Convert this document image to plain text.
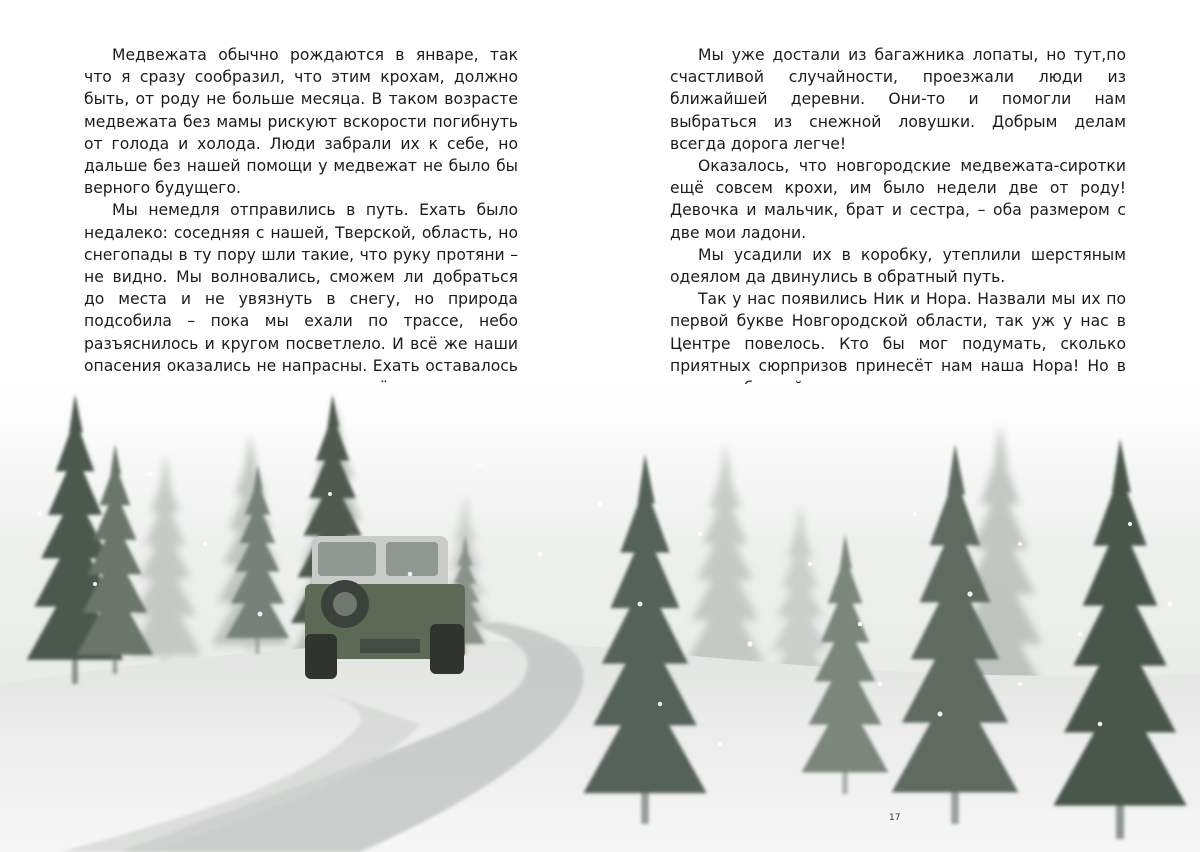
Медвежата обычно рождаются в январе, так что я сразу сообразил, что этим крохам, должно быть, от роду не больше месяца. В таком возрасте медвежата без мамы рискуют вскорости погибнуть от голода и холода. Люди забрали их к себе, но дальше без нашей помощи у медвежат не было бы верного будущего.

Мы немедля отправились в путь. Ехать было недалеко: соседняя с нашей, Тверской, область, но снегопады в ту пору шли такие, что руку протяни – не видно. Мы волновались, сможем ли добраться до места и не увязнуть в снегу, но природа подсобила – пока мы ехали по трассе, небо разъяснилось и кругом посветлело. И всё же наши опасения оказались не напрасны. Ехать оставалось

Мы уже достали из багажника лопаты, но тут,по счастливой случайности, проезжали люди из ближайшей деревни. Они-то и помогли нам выбраться из снежной ловушки. Добрым делам всегда дорога легче!

Оказалось, что новгородские медвежата-сиротки ещё совсем крохи, им было недели две от роду! Девочка и мальчик, брат и сестра, – оба размером с две мои ладони.

Мы усадили их в коробку, утеплили шерстяным одеялом да двинулись в обратный путь.

Так у нас появились Ник и Нора. Назвали мы их по первой букве Новгородской области, так уж у нас в Центре повелось. Кто бы мог подумать, сколько приятных сюрпризов принесёт нам наша Нора! Но в

17
